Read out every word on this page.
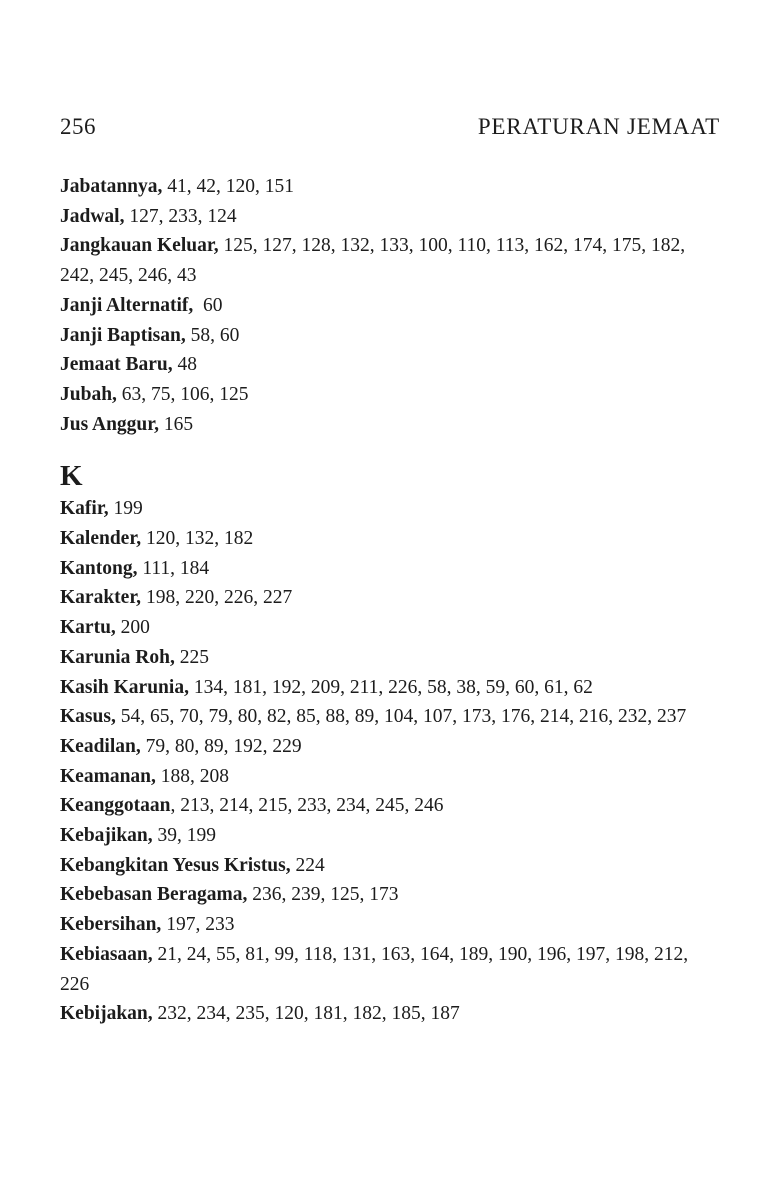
256	PERATURAN JEMAAT
Jabatannya, 41, 42, 120, 151
Jadwal, 127, 233, 124
Jangkauan Keluar, 125, 127, 128, 132, 133, 100, 110, 113, 162, 174, 175, 182, 242, 245, 246, 43
Janji Alternatif,  60
Janji Baptisan, 58, 60
Jemaat Baru, 48
Jubah, 63, 75, 106, 125
Jus Anggur, 165
K
Kafir, 199
Kalender, 120, 132, 182
Kantong, 111, 184
Karakter, 198, 220, 226, 227
Kartu, 200
Karunia Roh, 225
Kasih Karunia, 134, 181, 192, 209, 211, 226, 58, 38, 59, 60, 61, 62
Kasus, 54, 65, 70, 79, 80, 82, 85, 88, 89, 104, 107, 173, 176, 214, 216, 232, 237
Keadilan, 79, 80, 89, 192, 229
Keamanan, 188, 208
Keanggotaan, 213, 214, 215, 233, 234, 245, 246
Kebajikan, 39, 199
Kebangkitan Yesus Kristus, 224
Kebebasan Beragama, 236, 239, 125, 173
Kebersihan, 197, 233
Kebiasaan, 21, 24, 55, 81, 99, 118, 131, 163, 164, 189, 190, 196, 197, 198, 212, 226
Kebijakan, 232, 234, 235, 120, 181, 182, 185, 187
